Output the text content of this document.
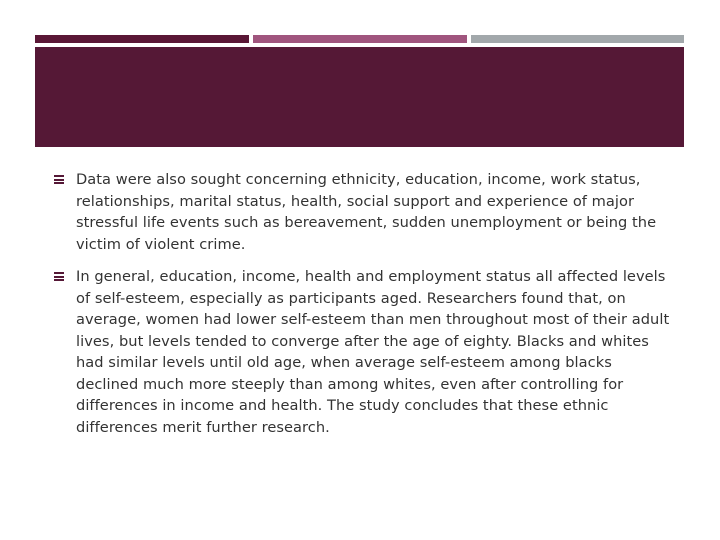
Data were also sought concerning ethnicity, education, income, work status, relationships, marital status, health, social support and experience of major stressful life events such as bereavement, sudden unemployment or being the victim of violent crime.
In general, education, income, health and employment status all affected levels of self-esteem, especially as participants aged. Researchers found that, on average, women had lower self-esteem than men throughout most of their adult lives, but levels tended to converge after the age of eighty. Blacks and whites had similar levels until old age, when average self-esteem among blacks declined much more steeply than among whites, even after controlling for differences in income and health. The study concludes that these ethnic differences merit further research.
